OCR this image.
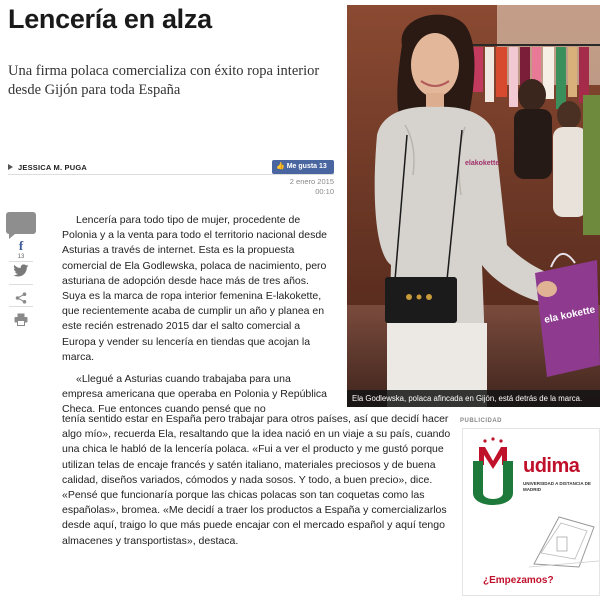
Lencería en alza
Una firma polaca comercializa con éxito ropa interior desde Gijón para toda España
JESSICA M. PUGA	👍 Me gusta 13
2 enero 2015
00:10
f
13

Lencería para todo tipo de mujer, procedente de Polonia y a la venta para todo el territorio nacional desde Asturias a través de internet. Esta es la propuesta comercial de Ela Godlewska, polaca de nacimiento, pero asturiana de adopción desde hace más de tres años. Suya es la marca de ropa interior femenina E-lakokette, que recientemente acaba de cumplir un año y planea en este recién estrenado 2015 dar el salto comercial a Europa y vender su lencería en tiendas que acojan la marca.

«Llegué a Asturias cuando trabajaba para una empresa americana que operaba en Polonia y República Checa. Fue entonces cuando pensé que no

tenía sentido estar en España pero trabajar para otros países, así que decidí hacer algo mío», recuerda Ela, resaltando que la idea nació en un viaje a su país, cuando una chica le habló de la lencería polaca. «Fui a ver el producto y me gustó porque utilizan telas de encaje francés y satén italiano, materiales preciosos y de buena calidad, diseños variados, cómodos y nada sosos. Y todo, a buen precio», dice. «Pensé que funcionaría porque las chicas polacas son tan coquetas como las españolas», bromea. «Me decidí a traer los productos a España y comercializarlos desde aquí, traigo lo que más puede encajar con el mercado español y aquí tengo almacenes y transportistas», destaca.
elakokette
ela kokette
Ela Godlewska, polaca afincada en Gijón, está detrás de la marca.
PUBLICIDAD
udima
UNIVERSIDAD A DISTANCIA DE MADRID
¿Empezamos?
